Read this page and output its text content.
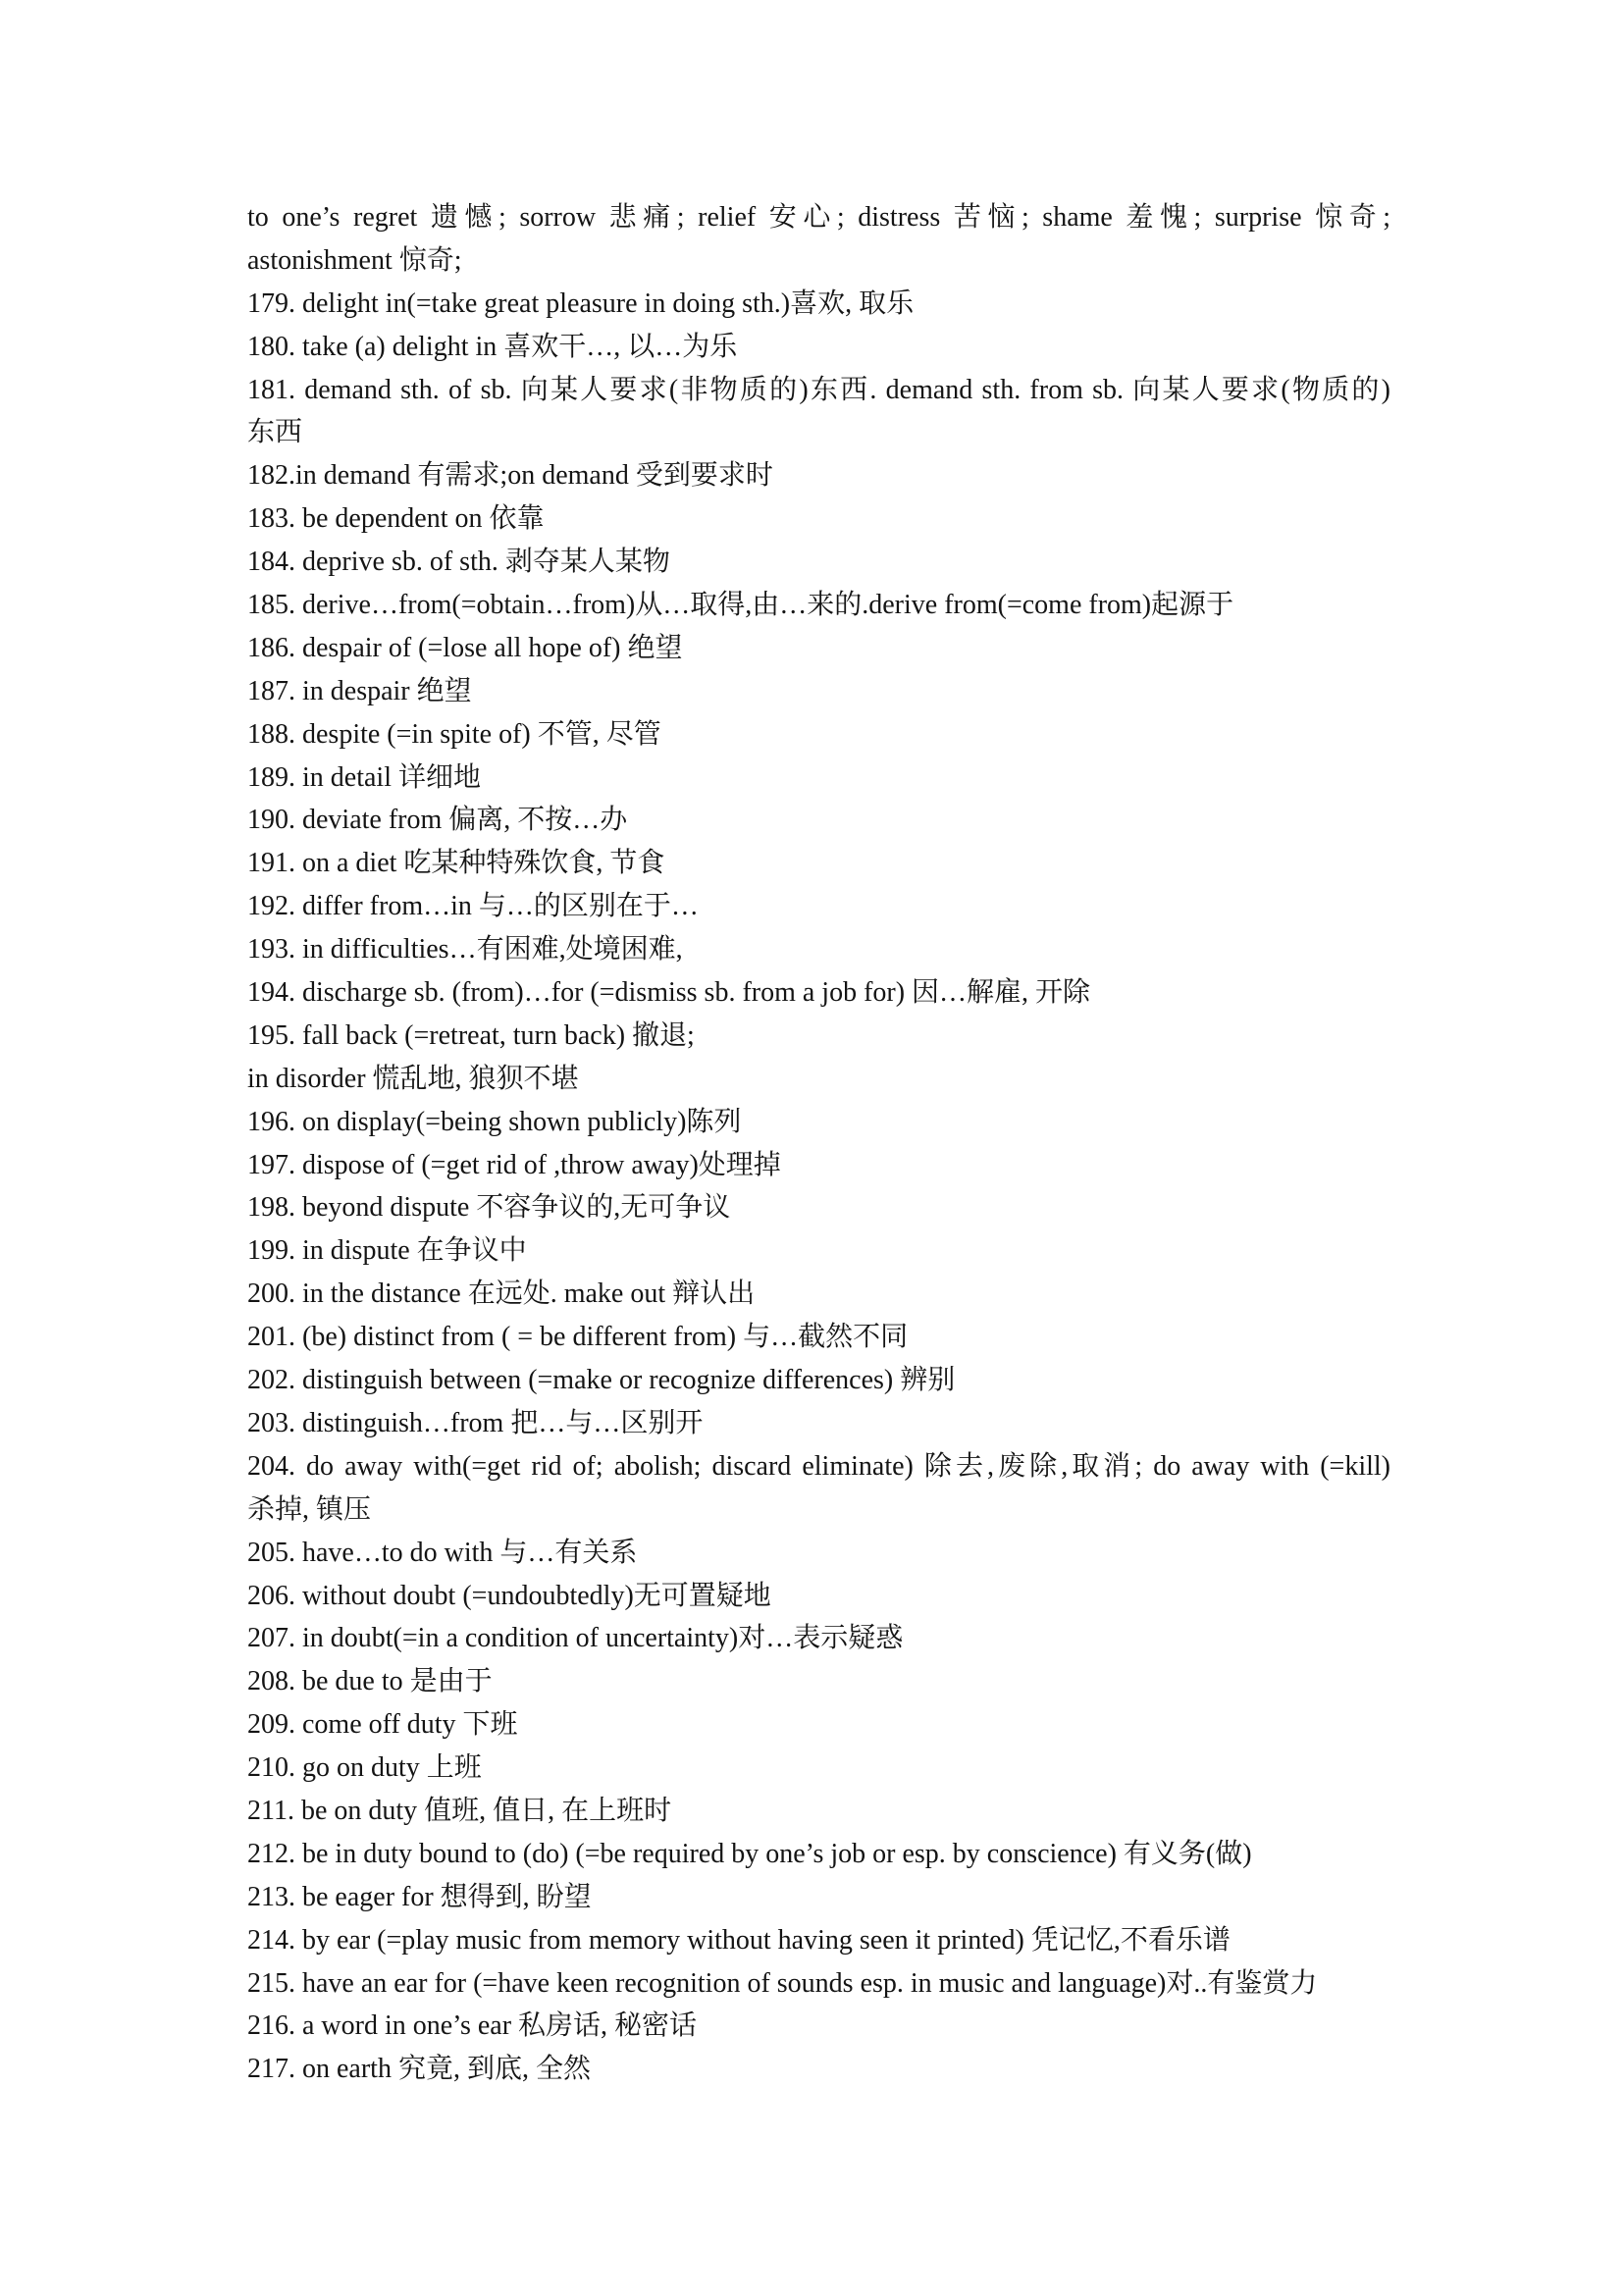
to one’s regret 遗憾; sorrow 悲痛; relief 安心; distress 苦恼; shame 羞愧; surprise 惊奇;
astonishment 惊奇;
179. delight in(=take great pleasure in doing sth.)喜欢, 取乐
180. take (a) delight in 喜欢干…, 以…为乐
181. demand sth. of sb. 向某人要求(非物质的)东西. demand sth. from sb. 向某人要求(物质的)
东西
182.in demand 有需求;on demand 受到要求时
183. be dependent on 依靠
184. deprive sb. of sth. 剥夺某人某物
185. derive…from(=obtain…from)从…取得,由…来的.derive from(=come from)起源于
186. despair of (=lose all hope of) 绝望
187. in despair 绝望
188. despite (=in spite of) 不管, 尽管
189. in detail 详细地
190. deviate from 偏离, 不按…办
191. on a diet 吃某种特殊饮食, 节食
192. differ from…in 与…的区别在于…
193. in difficulties…有困难,处境困难,
194. discharge sb. (from)…for (=dismiss sb. from a job for) 因…解雇, 开除
195. fall back (=retreat, turn back) 撤退;
in disorder 慌乱地, 狼狈不堪
196. on display(=being shown publicly)陈列
197. dispose of (=get rid of ,throw away)处理掉
198. beyond dispute 不容争议的,无可争议
199. in dispute 在争议中
200. in the distance 在远处. make out 辩认出
201. (be) distinct from ( = be different from) 与…截然不同
202. distinguish between (=make or recognize differences) 辨别
203. distinguish…from 把…与…区别开
204. do away with(=get rid of; abolish; discard eliminate) 除去,废除,取消; do away with (=kill)
杀掉, 镇压
205. have…to do with 与…有关系
206. without doubt (=undoubtedly)无可置疑地
207. in doubt(=in a condition of uncertainty)对…表示疑惑
208. be due to 是由于
209. come off duty 下班
210. go on duty 上班
211. be on duty 值班, 值日, 在上班时
212. be in duty bound to (do) (=be required by one’s job or esp. by conscience) 有义务(做)
213. be eager for 想得到, 盼望
214. by ear (=play music from memory without having seen it printed) 凭记忆,不看乐谱
215. have an ear for (=have keen recognition of sounds esp. in music and language)对..有鉴赏力
216. a word in one’s ear 私房话, 秘密话
217. on earth 究竟, 到底, 全然
